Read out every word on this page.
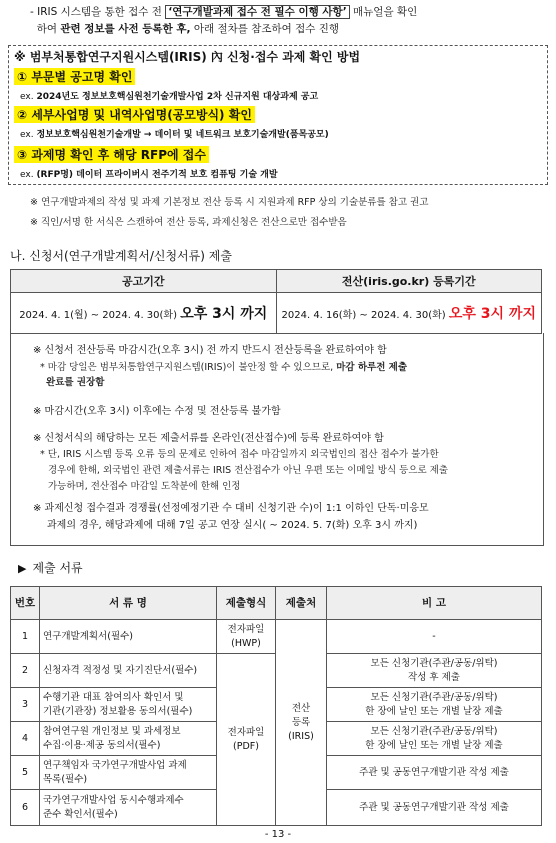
- IRIS 시스템을 통한 접수 전 ‘연구개발과제 접수 전 필수 이행 사항’ 매뉴얼을 확인
하여 관련 정보를 사전 등록한 후, 아래 절차를 참조하여 접수 진행
※ 범부처통합연구지원시스템(IRIS) 內 신청·접수 과제 확인 방법
① 부문별 공고명 확인
ex. 2024년도 정보보호핵심원천기술개발사업 2차 신규지원 대상과제 공고
② 세부사업명 및 내역사업명(공모방식) 확인
ex. 정보보호핵심원천기술개발 → 데이터 및 네트워크 보호기술개발(품목공모)
③ 과제명 확인 후 해당 RFP에 접수
ex. (RFP명) 데이터 프라이버시 전주기적 보호 컴퓨팅 기술 개발
※ 연구개발과제의 작성 및 과제 기본정보 전산 등록 시 지원과제 RFP 상의 기술분류를 참고 권고
※ 직인/서명 한 서식은 스캔하여 전산 등록, 과제신청은 전산으로만 접수받음
나. 신청서(연구개발계획서/신청서류) 제출
공고기간	전산(iris.go.kr) 등록기간
2024. 4. 1(월) ~ 2024. 4. 30(화) 오후 3시 까지	2024. 4. 16(화) ~ 2024. 4. 30(화) 오후 3시 까지
※ 신청서 전산등록 마감시간(오후 3시) 전 까지 반드시 전산등록을 완료하여야 함
* 마감 당일은 범부처통합연구지원스템(IRIS)이 불안정 할 수 있으므로, 마감 하루전 제출
완료를 권장함
※ 마감시간(오후 3시) 이후에는 수정 및 전산등록 불가함
※ 신청서식의 해당하는 모든 제출서류를 온라인(전산접수)에 등록 완료하여야 함
* 단, IRIS 시스템 등록 오류 등의 문제로 인하여 접수 마감일까지 외국법인의 접산 접수가 불가한
경우에 한해, 외국법인 관련 제출서류는 IRIS 전산접수가 아닌 우편 또는 이메일 방식 등으로 제출
가능하며, 전산접수 마감일 도착분에 한해 인정
※ 과제신청 접수결과 경쟁률(선정예정기관 수 대비 신청기관 수)이 1:1 이하인 단독·미응모
과제의 경우, 해당과제에 대해 7일 공고 연장 실시( ~ 2024. 5. 7(화) 오후 3시 까지)
▶ 제출 서류
번호	서 류 명	제출형식	제출처	비 고
1	연구개발계획서(필수)	전자파일
(HWP)	전산
등록
(IRIS)	-
2	신청자격 적정성 및 자기진단서(필수)	전자파일
(PDF)		모든 신청기관(주관/공동/위탁)
작성 후 제출
3	수행기관 대표 참여의사 확인서 및
기관(기관장) 정보활용 동의서(필수)			모든 신청기관(주관/공동/위탁)
한 장에 날인 또는 개별 날장 제출
4	참여연구원 개인정보 및 과세정보
수집·이용·제공 동의서(필수)			모든 신청기관(주관/공동/위탁)
한 장에 날인 또는 개별 날장 제출
5	연구책임자 국가연구개발사업 과제
목록(필수)			주관 및 공동연구개발기관 작성 제출
6	국가연구개발사업 동시수행과제수
준수 확인서(필수)			주관 및 공동연구개발기관 작성 제출
- 13 -
